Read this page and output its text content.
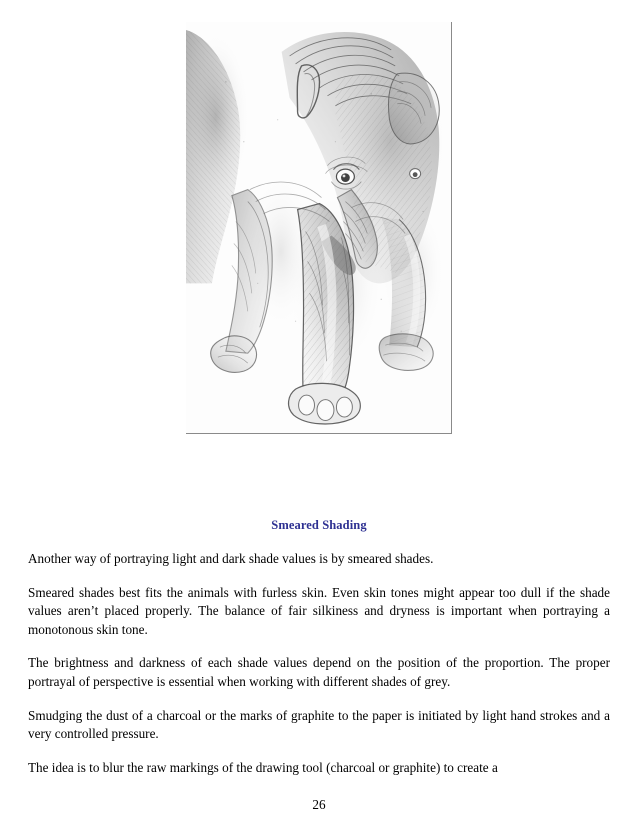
Smeared Shading

Another way of portraying light and dark shade values is by smeared shades.

Smeared shades best fits the animals with furless skin. Even skin tones might appear too dull if the shade values aren’t placed properly. The balance of fair silkiness and dryness is important when portraying a monotonous skin tone.

The brightness and darkness of each shade values depend on the position of the proportion. The proper portrayal of perspective is essential when working with different shades of grey.

Smudging the dust of a charcoal or the marks of graphite to the paper is initiated by light hand strokes and a very controlled pressure.

The idea is to blur the raw markings of the drawing tool (charcoal or graphite) to create a

26
